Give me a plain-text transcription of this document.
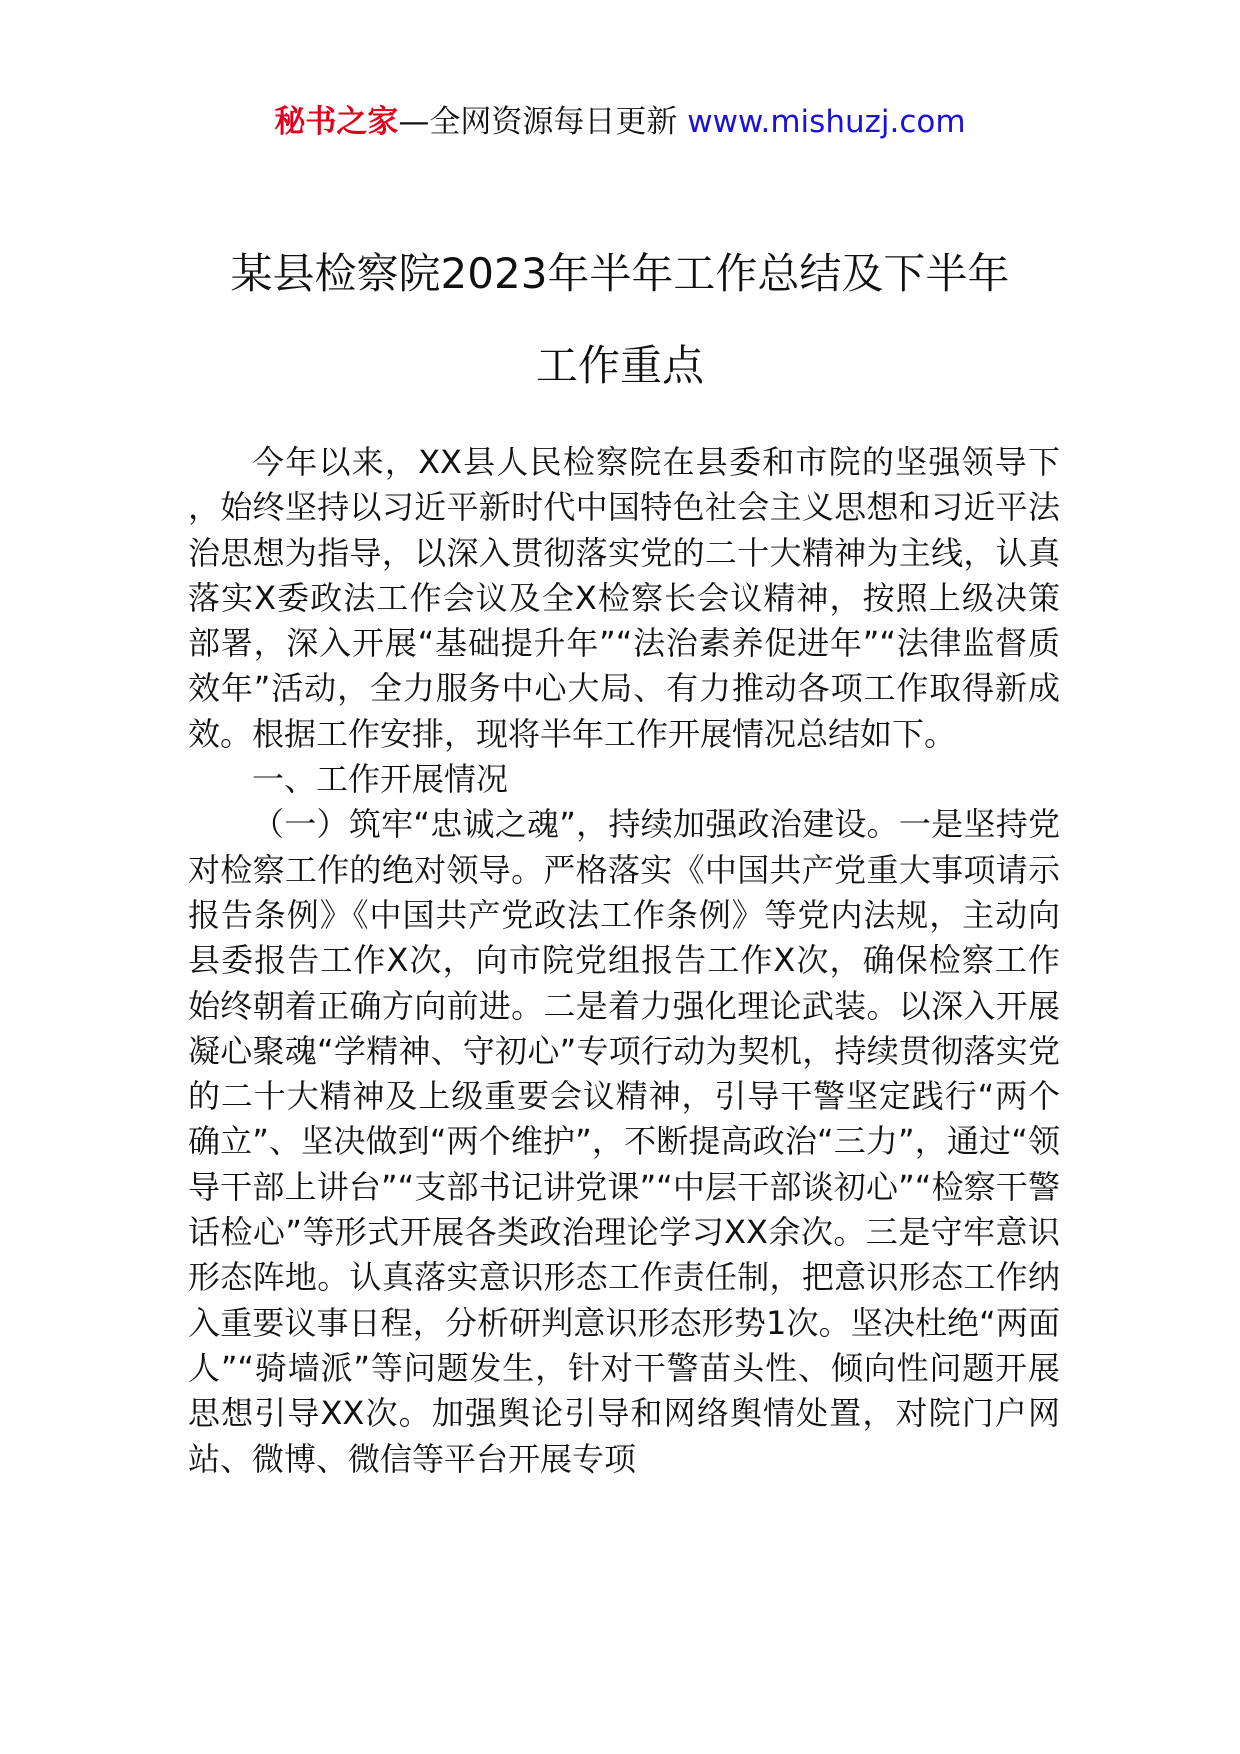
秘书之家—全网资源每日更新 www.mishuzj.com
某县检察院2023年半年工作总结及下半年
工作重点

今年以来，XX县人民检察院在县委和市院的坚强领导下，始终坚持以习近平新时代中国特色社会主义思想和习近平法治思想为指导，以深入贯彻落实党的二十大精神为主线，认真落实X委政法工作会议及全X检察长会议精神，按照上级决策部署，深入开展“基础提升年”“法治素养促进年”“法律监督质效年”活动，全力服务中心大局、有力推动各项工作取得新成效。根据工作安排，现将半年工作开展情况总结如下。

一、工作开展情况

（一）筑牢“忠诚之魂”，持续加强政治建设。一是坚持党对检察工作的绝对领导。严格落实《中国共产党重大事项请示报告条例》《中国共产党政法工作条例》等党内法规，主动向县委报告工作X次，向市院党组报告工作X次，确保检察工作始终朝着正确方向前进。二是着力强化理论武装。以深入开展凝心聚魂“学精神、守初心”专项行动为契机，持续贯彻落实党的二十大精神及上级重要会议精神，引导干警坚定践行“两个确立”、坚决做到“两个维护”，不断提高政治“三力”，通过“领导干部上讲台”“支部书记讲党课”“中层干部谈初心”“检察干警话检心”等形式开展各类政治理论学习XX余次。三是守牢意识形态阵地。认真落实意识形态工作责任制，把意识形态工作纳入重要议事日程，分析研判意识形态形势1次。坚决杜绝“两面人”“骑墙派”等问题发生，针对干警苗头性、倾向性问题开展思想引导XX次。加强舆论引导和网络舆情处置，对院门户网站、微博、微信等平台开展专项
